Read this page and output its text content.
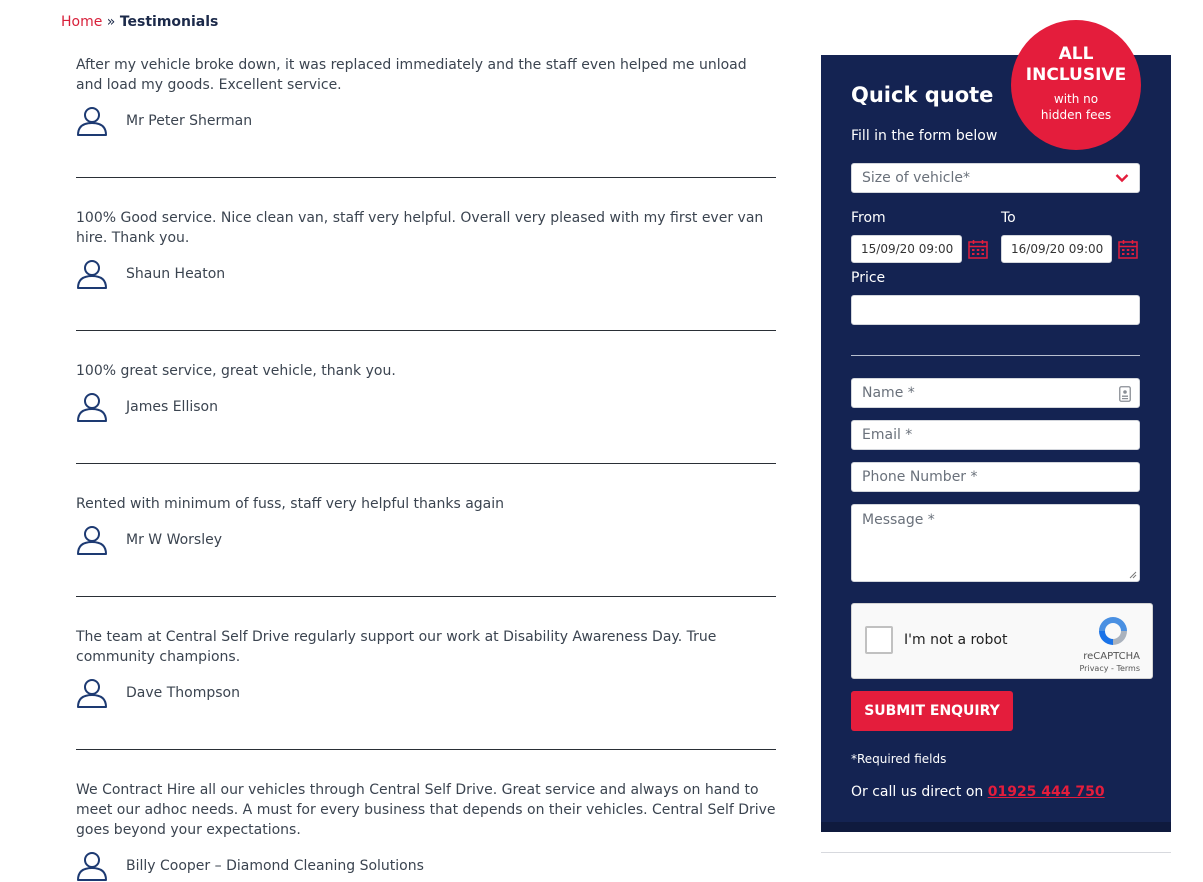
Home » Testimonials

After my vehicle broke down, it was replaced immediately and the staff even helped me unload and load my goods. Excellent service.

Mr Peter Sherman

100% Good service. Nice clean van, staff very helpful. Overall very pleased with my first ever van hire. Thank you.

Shaun Heaton

100% great service, great vehicle, thank you.

James Ellison

Rented with minimum of fuss, staff very helpful thanks again

Mr W Worsley

The team at Central Self Drive regularly support our work at Disability Awareness Day. True community champions.

Dave Thompson

We Contract Hire all our vehicles through Central Self Drive. Great service and always on hand to meet our adhoc needs. A must for every business that depends on their vehicles. Central Self Drive goes beyond your expectations.

Billy Cooper – Diamond Cleaning Solutions
ALL
INCLUSIVE
with no
hidden fees
Quick quote
Fill in the form below
Size of vehicle*
From	To
15/09/20 09:00	16/09/20 09:00
Price
Name *
Email *
Phone Number *
Message *
I'm not a robot
reCAPTCHA
Privacy - Terms
SUBMIT ENQUIRY
*Required fields
Or call us direct on 01925 444 750
